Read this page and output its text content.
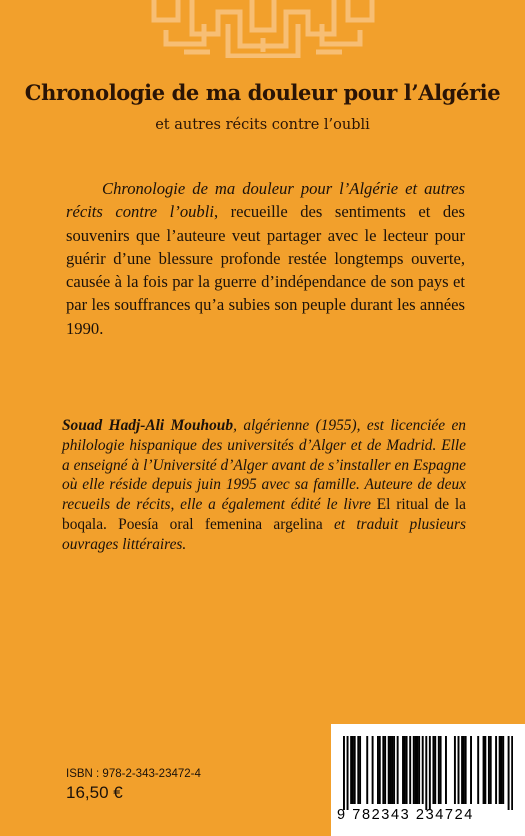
Chronologie de ma douleur pour l’Algérie
et autres récits contre l’oubli
Chronologie de ma douleur pour l’Algérie et autres récits contre l’oubli, recueille des sentiments et des souvenirs que l’auteure veut partager avec le lecteur pour guérir d’une blessure profonde restée longtemps ouverte, causée à la fois par la guerre d’indépendance de son pays et par les souffrances qu’a subies son peuple durant les années 1990.
Souad Hadj-Ali Mouhoub, algérienne (1955), est licenciée en philologie hispanique des universités d’Alger et de Madrid. Elle a enseigné à l’Université d’Alger avant de s’installer en Espagne où elle réside depuis juin 1995 avec sa famille. Auteure de deux recueils de récits, elle a également édité le livre El ritual de la boqala. Poesía oral femenina argelina et traduit plusieurs ouvrages littéraires.
ISBN : 978-2-343-23472-4
16,50 €
9 782343 234724
